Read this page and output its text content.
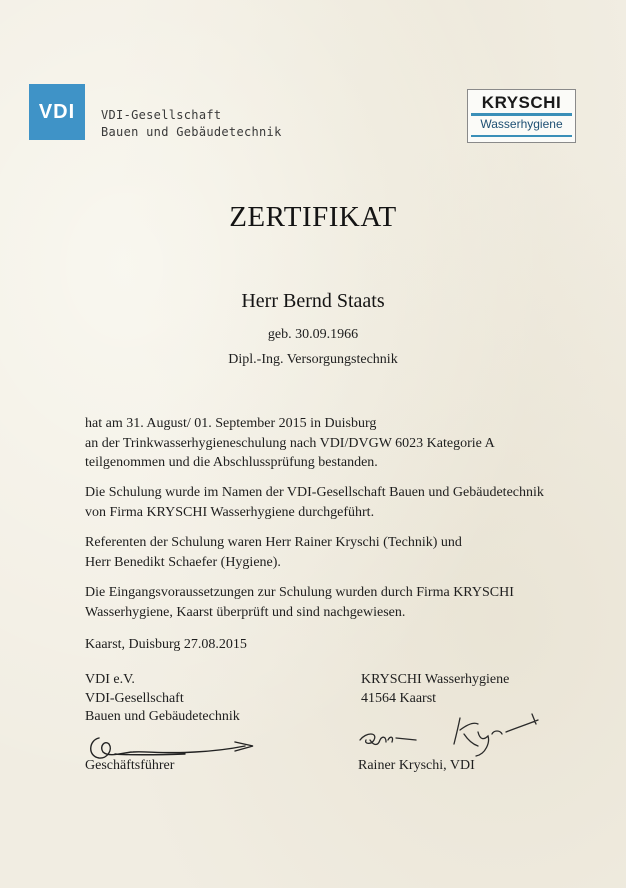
VDI VDI-Gesellschaft
Bauen und Gebäudetechnik
KRYSCHI
Wasserhygiene
ZERTIFIKAT
Herr Bernd Staats
geb. 30.09.1966
Dipl.-Ing. Versorgungstechnik
hat am 31. August/ 01. September 2015 in Duisburg
an der Trinkwasserhygieneschulung nach VDI/DVGW 6023 Kategorie A
teilgenommen und die Abschlussprüfung bestanden.
Die Schulung wurde im Namen der VDI-Gesellschaft Bauen und Gebäudetechnik
von Firma KRYSCHI Wasserhygiene durchgeführt.
Referenten der Schulung waren Herr Rainer Kryschi (Technik) und
Herr Benedikt Schaefer (Hygiene).
Die Eingangsvoraussetzungen zur Schulung wurden durch Firma KRYSCHI
Wasserhygiene, Kaarst überprüft und sind nachgewiesen.
Kaarst, Duisburg 27.08.2015
VDI e.V.
VDI-Gesellschaft
Bauen und Gebäudetechnik
KRYSCHI Wasserhygiene
41564 Kaarst
Geschäftsführer	Rainer Kryschi, VDI
